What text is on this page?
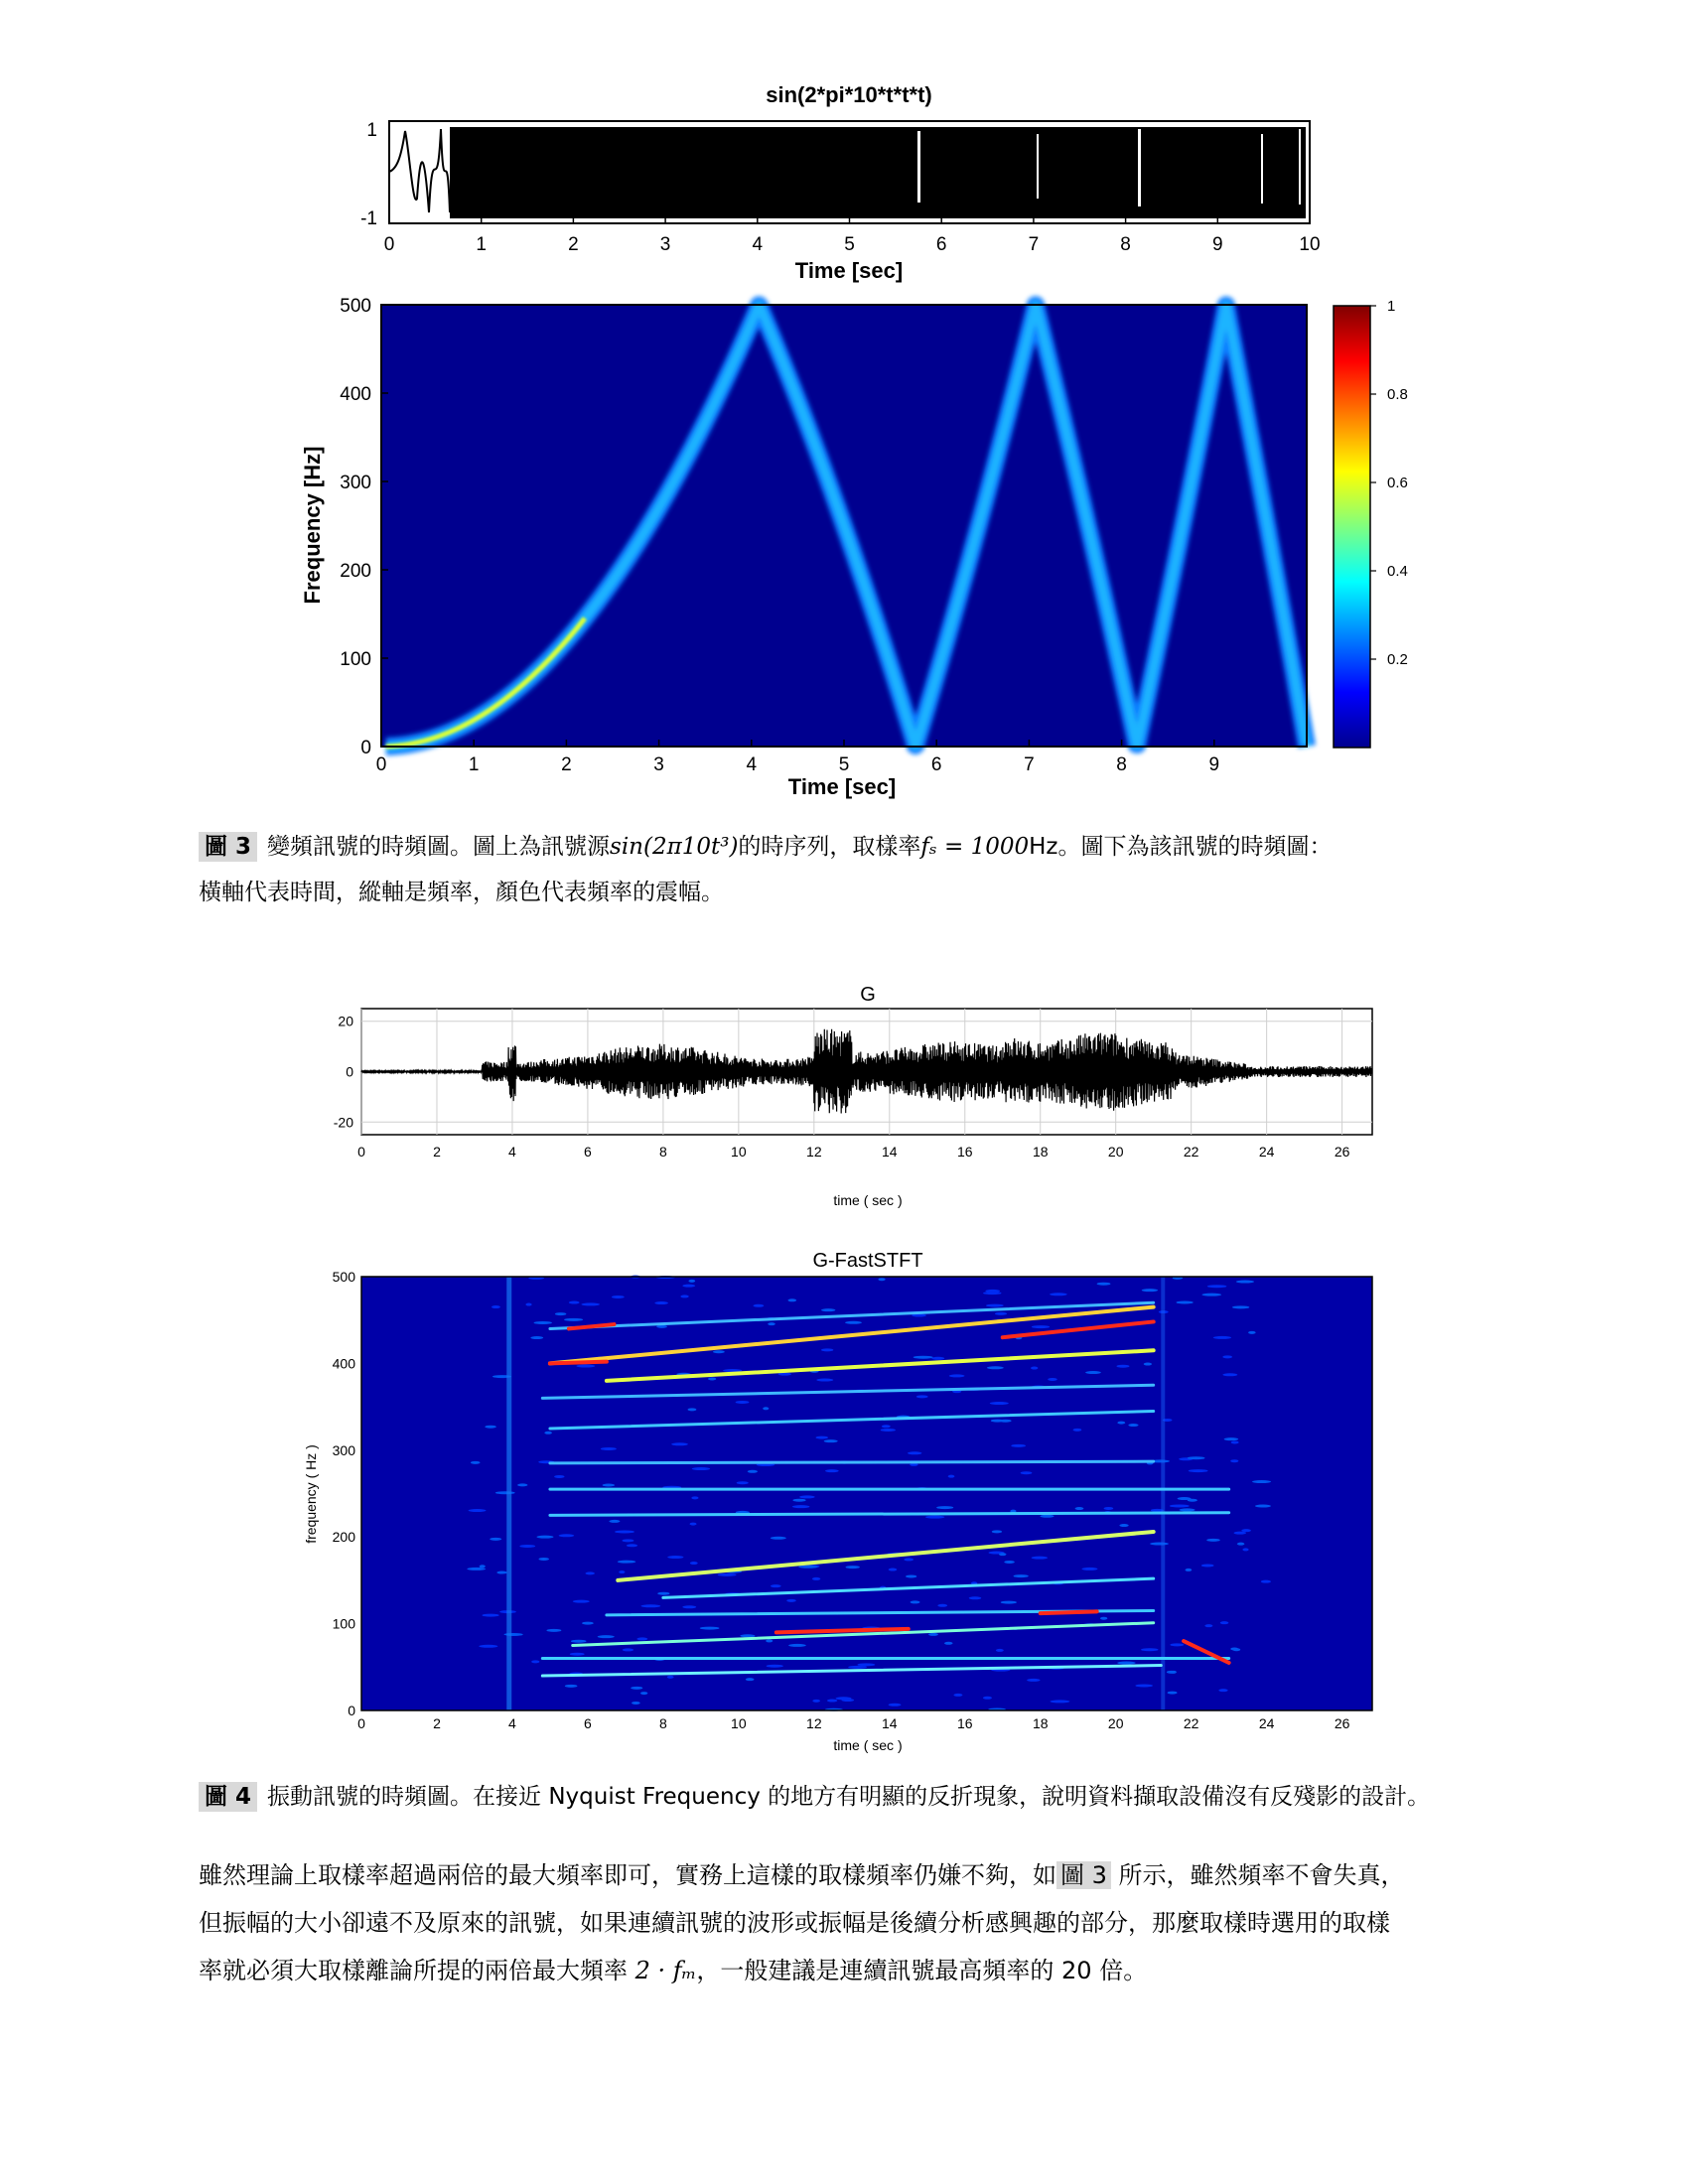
sin(2*pi*10*t*t*t)
1
-1
0	1	2	3	4	5	6	7	8	9	10
Time [sec]
0	1	2	3	4	5	6	7	8	9
0
100
200
300
400
500
Frequency [Hz]
Time [sec]
1
0.8
0.6
0.4
0.2
圖 3 變頻訊號的時頻圖。圖上為訊號源sin(2π10t³)的時序列，取樣率fₛ = 1000Hz。圖下為該訊號的時頻圖：
橫軸代表時間，縱軸是頻率，顏色代表頻率的震幅。
G
0	2	4	6	8	10	12	14	16	18	20	22	24	26
20
0
-20
time ( sec )
G-FastSTFT
0	2	4	6	8	10	12	14	16	18	20	22	24	26
0
100
200
300
400
500
frequency ( Hz )
time ( sec )
圖 4 振動訊號的時頻圖。在接近 Nyquist Frequency 的地方有明顯的反折現象，說明資料擷取設備沒有反殘影的設計。
雖然理論上取樣率超過兩倍的最大頻率即可，實務上這樣的取樣頻率仍嫌不夠，如 圖 3 所示，雖然頻率不會失真，
但振幅的大小卻遠不及原來的訊號，如果連續訊號的波形或振幅是後續分析感興趣的部分，那麼取樣時選用的取樣
率就必須大取樣離論所提的兩倍最大頻率 2 · fₘ，一般建議是連續訊號最高頻率的 20 倍。
